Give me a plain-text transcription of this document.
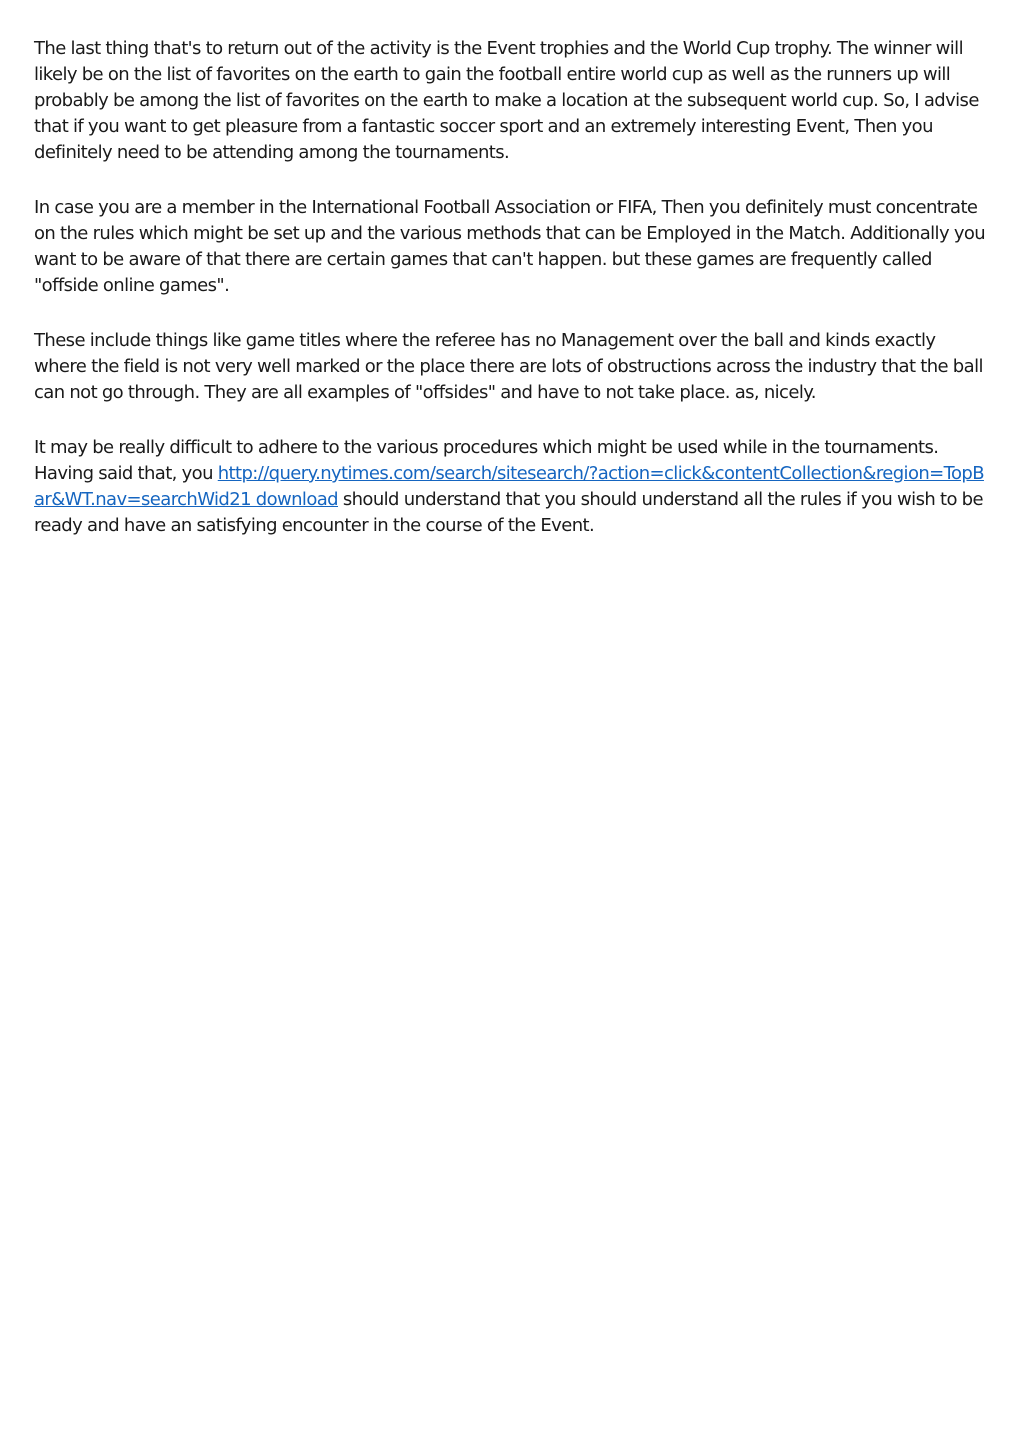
The last thing that's to return out of the activity is the Event trophies and the World Cup trophy. The winner will likely be on the list of favorites on the earth to gain the football entire world cup as well as the runners up will probably be among the list of favorites on the earth to make a location at the subsequent world cup. So, I advise that if you want to get pleasure from a fantastic soccer sport and an extremely interesting Event, Then you definitely need to be attending among the tournaments.

In case you are a member in the International Football Association or FIFA, Then you definitely must concentrate on the rules which might be set up and the various methods that can be Employed in the Match. Additionally you want to be aware of that there are certain games that can't happen. but these games are frequently called "offside online games".

These include things like game titles where the referee has no Management over the ball and kinds exactly where the field is not very well marked or the place there are lots of obstructions across the industry that the ball can not go through. They are all examples of "offsides" and have to not take place. as, nicely.

It may be really difficult to adhere to the various procedures which might be used while in the tournaments. Having said that, you http://query.nytimes.com/search/sitesearch/?action=click&contentCollection&region=TopBar&WT.nav=searchWid21 download should understand that you should understand all the rules if you wish to be ready and have an satisfying encounter in the course of the Event.
